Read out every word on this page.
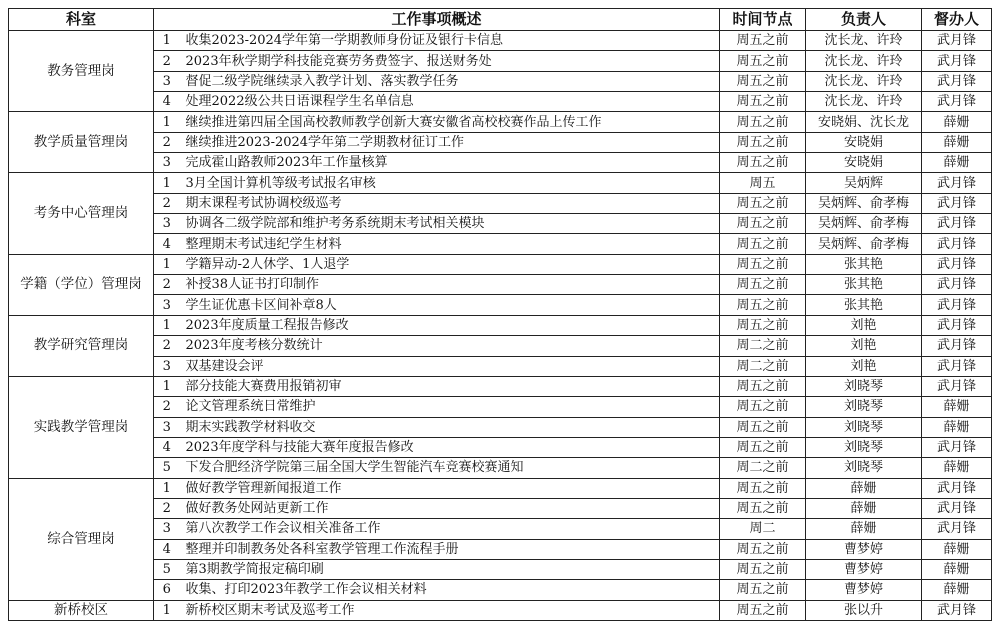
科室	工作事项概述		时间节点	负责人	督办人
教务管理岗	1	收集2023-2024学年第一学期教师身份证及银行卡信息	周五之前	沈长龙、许玲	武月锋
	2	2023年秋学期学科技能竞赛劳务费签字、报送财务处	周五之前	沈长龙、许玲	武月锋
	3	督促二级学院继续录入教学计划、落实教学任务	周五之前	沈长龙、许玲	武月锋
	4	处理2022级公共日语课程学生名单信息	周五之前	沈长龙、许玲	武月锋
教学质量管理岗	1	继续推进第四届全国高校教师教学创新大赛安徽省高校校赛作品上传工作	周五之前	安晓娟、沈长龙	薛姗
	2	继续推进2023-2024学年第二学期教材征订工作	周五之前	安晓娟	薛姗
	3	完成霍山路教师2023年工作量核算	周五之前	安晓娟	薛姗
考务中心管理岗	1	3月全国计算机等级考试报名审核	周五	吴炳辉	武月锋
	2	期末课程考试协调校级巡考	周五之前	吴炳辉、俞孝梅	武月锋
	3	协调各二级学院部和维护考务系统期末考试相关模块	周五之前	吴炳辉、俞孝梅	武月锋
	4	整理期末考试违纪学生材料	周五之前	吴炳辉、俞孝梅	武月锋
学籍（学位）管理岗	1	学籍异动-2人休学、1人退学	周五之前	张其艳	武月锋
	2	补授38人证书打印制作	周五之前	张其艳	武月锋
	3	学生证优惠卡区间补章8人	周五之前	张其艳	武月锋
教学研究管理岗	1	2023年度质量工程报告修改	周五之前	刘艳	武月锋
	2	2023年度考核分数统计	周二之前	刘艳	武月锋
	3	双基建设会评	周二之前	刘艳	武月锋
实践教学管理岗	1	部分技能大赛费用报销初审	周五之前	刘晓琴	武月锋
	2	论文管理系统日常维护	周五之前	刘晓琴	薛姗
	3	期末实践教学材料收交	周五之前	刘晓琴	薛姗
	4	2023年度学科与技能大赛年度报告修改	周五之前	刘晓琴	武月锋
	5	下发合肥经济学院第三届全国大学生智能汽车竞赛校赛通知	周二之前	刘晓琴	薛姗
综合管理岗	1	做好教学管理新闻报道工作	周五之前	薛姗	武月锋
	2	做好教务处网站更新工作	周五之前	薛姗	武月锋
	3	第八次教学工作会议相关准备工作	周二	薛姗	武月锋
	4	整理并印制教务处各科室教学管理工作流程手册	周五之前	曹梦婷	薛姗
	5	第3期教学简报定稿印刷	周五之前	曹梦婷	薛姗
	6	收集、打印2023年教学工作会议相关材料	周五之前	曹梦婷	薛姗
新桥校区	1	新桥校区期末考试及巡考工作	周五之前	张以升	武月锋
